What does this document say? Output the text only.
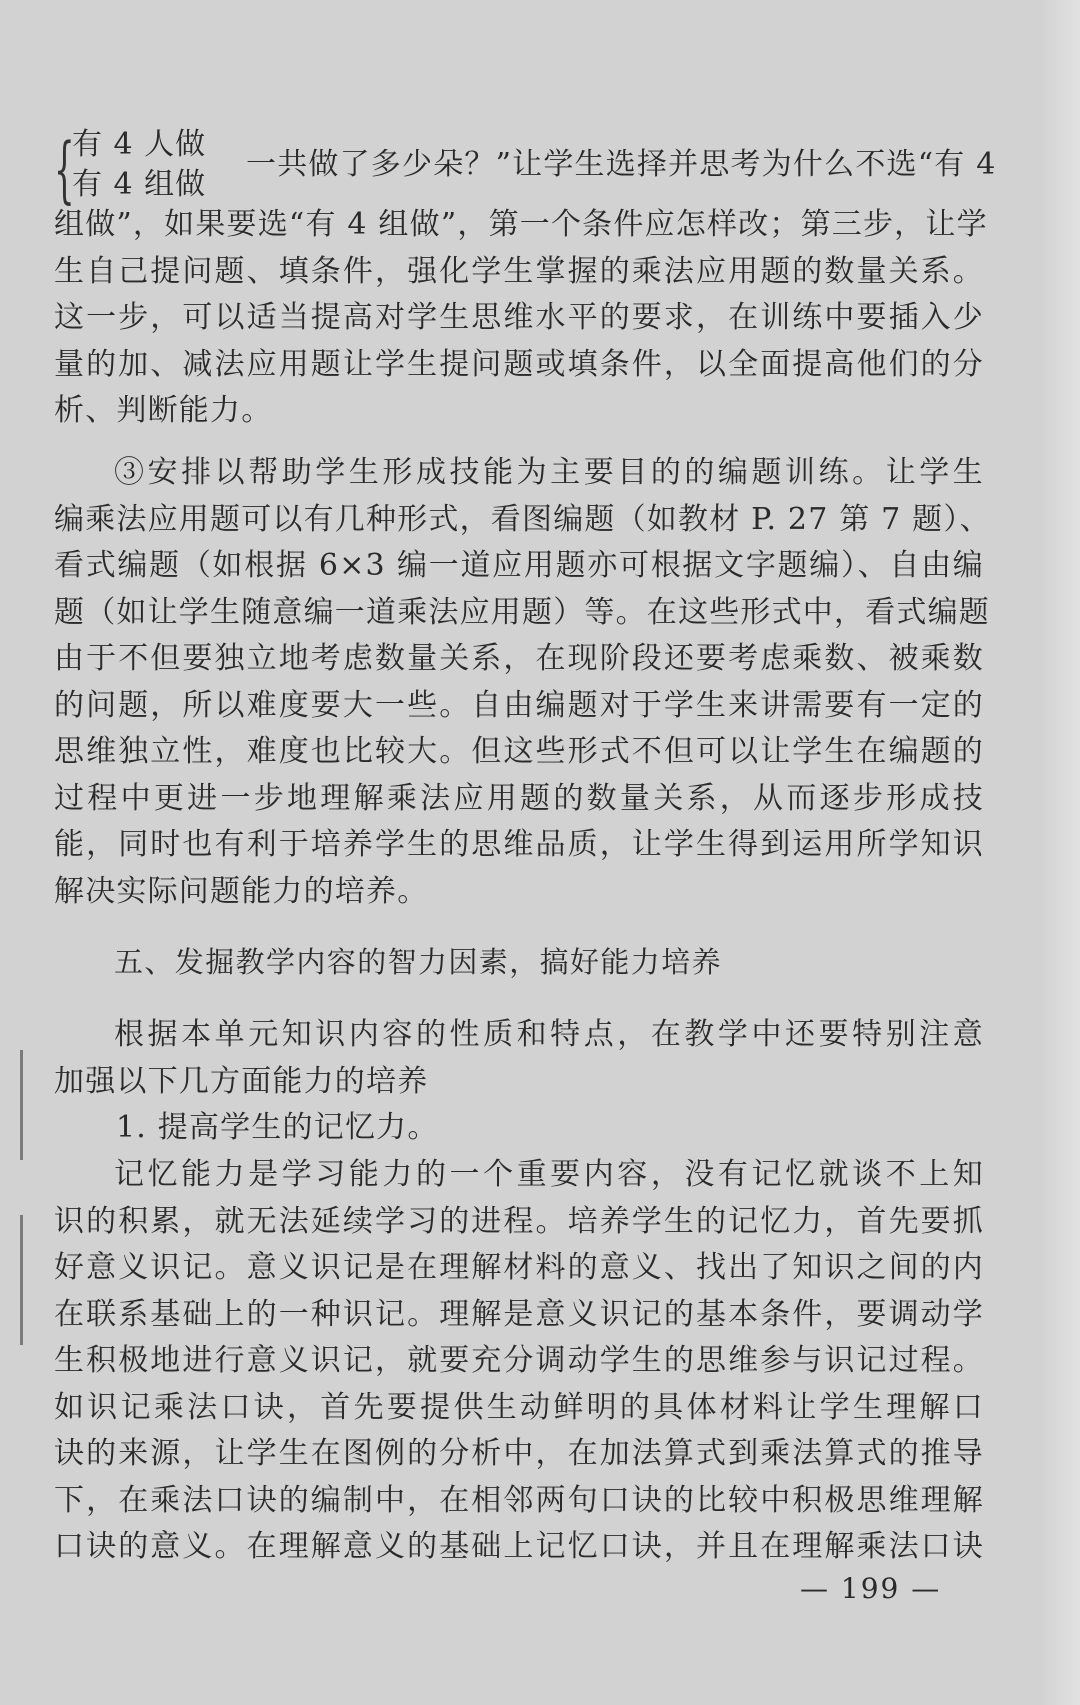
{
有 4 人做
有 4 组做
一共做了多少朵？”让学生选择并思考为什么不选“有 4
组做”，如果要选“有 4 组做”，第一个条件应怎样改；第三步，让学
生自己提问题、填条件，强化学生掌握的乘法应用题的数量关系。
这一步，可以适当提高对学生思维水平的要求，在训练中要插入少
量的加、减法应用题让学生提问题或填条件，以全面提高他们的分
析、判断能力。
③安排以帮助学生形成技能为主要目的的编题训练。让学生
编乘法应用题可以有几种形式，看图编题（如教材 P. 27 第 7 题）、
看式编题（如根据 6×3 编一道应用题亦可根据文字题编）、自由编
题（如让学生随意编一道乘法应用题）等。在这些形式中，看式编题
由于不但要独立地考虑数量关系，在现阶段还要考虑乘数、被乘数
的问题，所以难度要大一些。自由编题对于学生来讲需要有一定的
思维独立性，难度也比较大。但这些形式不但可以让学生在编题的
过程中更进一步地理解乘法应用题的数量关系，从而逐步形成技
能，同时也有利于培养学生的思维品质，让学生得到运用所学知识
解决实际问题能力的培养。
五、发掘教学内容的智力因素，搞好能力培养
根据本单元知识内容的性质和特点，在教学中还要特别注意
加强以下几方面能力的培养
1. 提高学生的记忆力。
记忆能力是学习能力的一个重要内容，没有记忆就谈不上知
识的积累，就无法延续学习的进程。培养学生的记忆力，首先要抓
好意义识记。意义识记是在理解材料的意义、找出了知识之间的内
在联系基础上的一种识记。理解是意义识记的基本条件，要调动学
生积极地进行意义识记，就要充分调动学生的思维参与识记过程。
如识记乘法口诀，首先要提供生动鲜明的具体材料让学生理解口
诀的来源，让学生在图例的分析中，在加法算式到乘法算式的推导
下，在乘法口诀的编制中，在相邻两句口诀的比较中积极思维理解
口诀的意义。在理解意义的基础上记忆口诀，并且在理解乘法口诀
— 199 —
